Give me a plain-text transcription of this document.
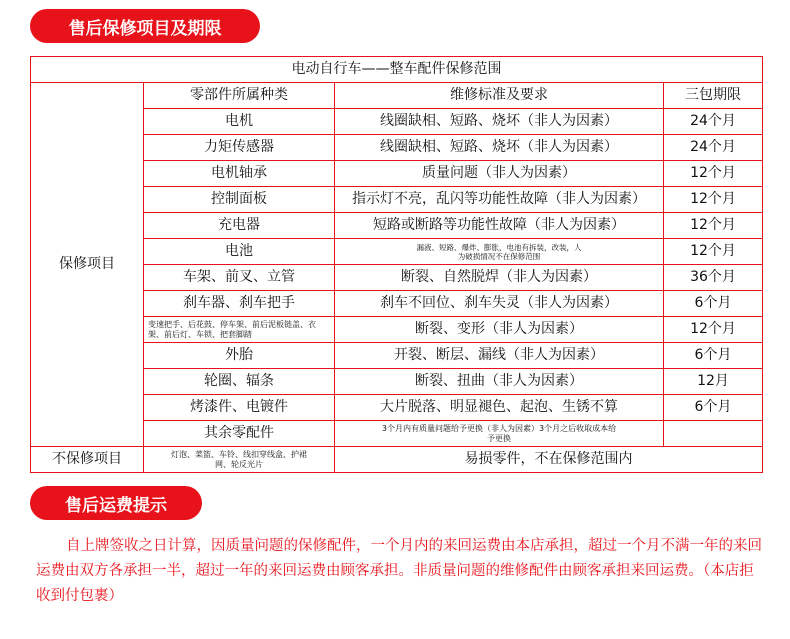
售后保修项目及期限
电动自行车——整车配件保修范围			
保修项目	零部件所属种类	维修标准及要求	三包期限
	电机	线圈缺相、短路、烧坏（非人为因素）	24个月
	力矩传感器	线圈缺相、短路、烧坏（非人为因素）	24个月
	电机轴承	质量问题（非人为因素）	12个月
	控制面板	指示灯不亮，乱闪等功能性故障（非人为因素）	12个月
	充电器	短路或断路等功能性故障（非人为因素）	12个月
	电池	漏液、短路、爆炸、膨胀，电池有拆装，改装，人为破损情况不在保修范围	12个月
	车架、前叉、立管	断裂、自然脱焊（非人为因素）	36个月
	刹车器、刹车把手	刹车不回位、刹车失灵（非人为因素）	6个月
	变速把手、后花鼓、停车架、前后泥板链盖、衣架、前后灯、车锁、把套脚踏	断裂、变形（非人为因素）	12个月
	外胎	开裂、断层、漏线（非人为因素）	6个月
	轮圈、辐条	断裂、扭曲（非人为因素）	12月
	烤漆件、电镀件	大片脱落、明显褪色、起泡、生锈不算	6个月
	其余零配件	3个月内有质量问题给予更换（非人为因素）3个月之后收取成本给予更换	
不保修项目	灯泡、菜篮、车铃、线扣穿线盒、护裙网、轮反光片	易损零件，不在保修范围内	
售后运费提示

自上牌签收之日计算，因质量问题的保修配件，一个月内的来回运费由本店承担，超过一个月不满一年的来回运费由双方各承担一半，超过一年的来回运费由顾客承担。非质量问题的维修配件由顾客承担来回运费。（本店拒收到付包裹）
